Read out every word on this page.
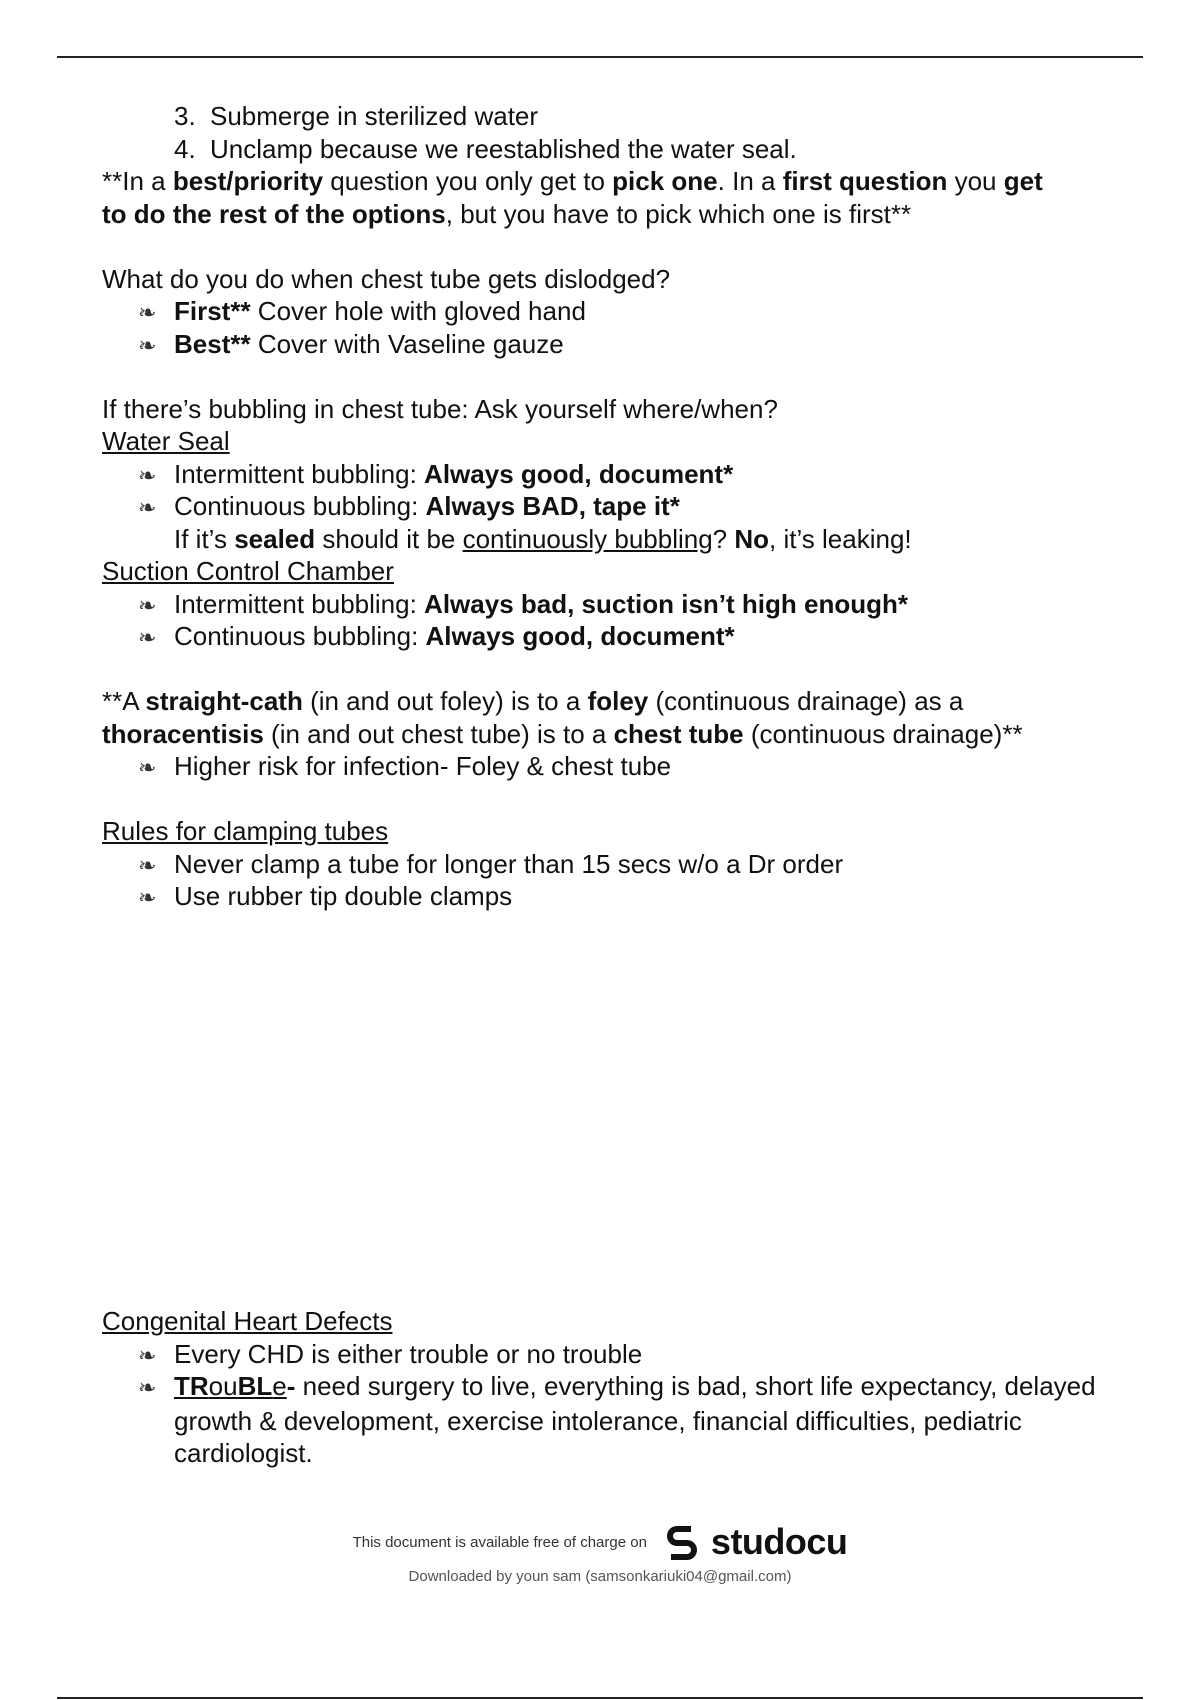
3. Submerge in sterilized water
4. Unclamp because we reestablished the water seal.
**In a best/priority question you only get to pick one. In a first question you get
to do the rest of the options, but you have to pick which one is first**
What do you do when chest tube gets dislodged?
❧ First** Cover hole with gloved hand
❧ Best** Cover with Vaseline gauze
If there’s bubbling in chest tube: Ask yourself where/when?
Water Seal
❧ Intermittent bubbling: Always good, document*
❧ Continuous bubbling: Always BAD, tape it*
If it’s sealed should it be continuously bubbling? No, it’s leaking!
Suction Control Chamber
❧ Intermittent bubbling: Always bad, suction isn’t high enough*
❧ Continuous bubbling: Always good, document*
**A straight-cath (in and out foley) is to a foley (continuous drainage) as a
thoracentisis (in and out chest tube) is to a chest tube (continuous drainage)**
❧ Higher risk for infection- Foley & chest tube
Rules for clamping tubes
❧ Never clamp a tube for longer than 15 secs w/o a Dr order
❧ Use rubber tip double clamps
Congenital Heart Defects
❧ Every CHD is either trouble or no trouble
❧ TRouBLe- need surgery to live, everything is bad, short life expectancy, delayed growth & development, exercise intolerance, financial difficulties, pediatric cardiologist.
This document is available free of charge on studocu
Downloaded by youn sam (samsonkariuki04@gmail.com)
